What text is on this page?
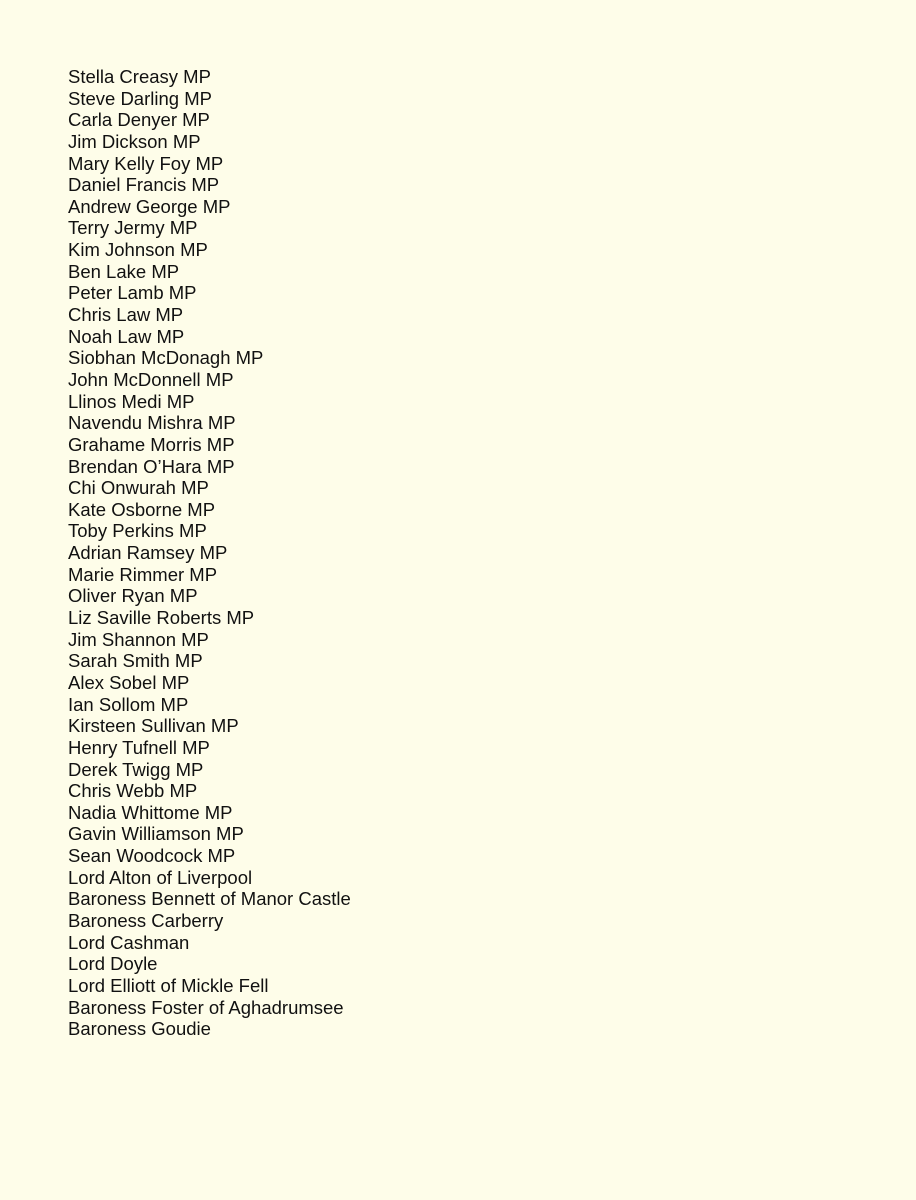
Stella Creasy MP
Steve Darling MP
Carla Denyer MP
Jim Dickson MP
Mary Kelly Foy MP
Daniel Francis MP
Andrew George MP
Terry Jermy MP
Kim Johnson MP
Ben Lake MP
Peter Lamb MP
Chris Law MP
Noah Law MP
Siobhan McDonagh MP
John McDonnell MP
Llinos Medi MP
Navendu Mishra MP
Grahame Morris MP
Brendan O’Hara MP
Chi Onwurah MP
Kate Osborne MP
Toby Perkins MP
Adrian Ramsey MP
Marie Rimmer MP
Oliver Ryan MP
Liz Saville Roberts MP
Jim Shannon MP
Sarah Smith MP
Alex Sobel MP
Ian Sollom MP
Kirsteen Sullivan MP
Henry Tufnell MP
Derek Twigg MP
Chris Webb MP
Nadia Whittome MP
Gavin Williamson MP
Sean Woodcock MP
Lord Alton of Liverpool
Baroness Bennett of Manor Castle
Baroness Carberry
Lord Cashman
Lord Doyle
Lord Elliott of Mickle Fell
Baroness Foster of Aghadrumsee
Baroness Goudie
